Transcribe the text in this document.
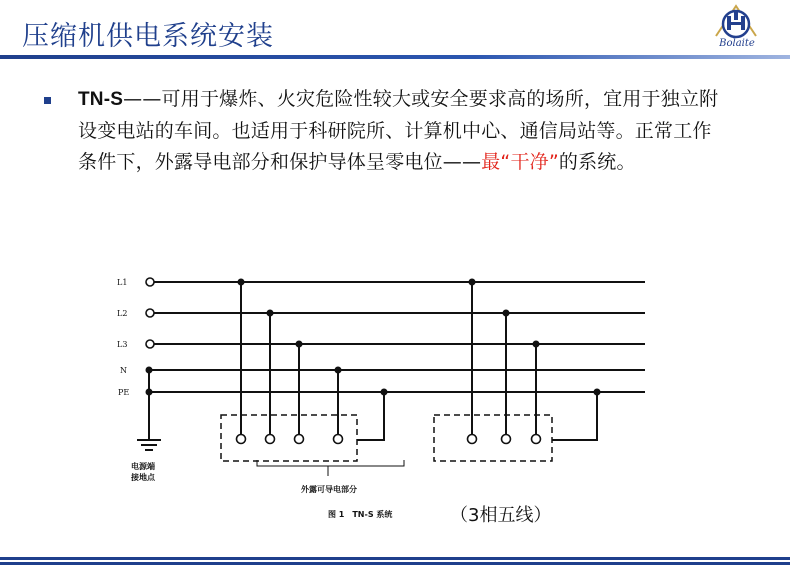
压缩机供电系统安装	Bolaite
TN-S——可用于爆炸、火灾危险性较大或安全要求高的场所，宜用于独立附设变电站的车间。也适用于科研院所、计算机中心、通信局站等。正常工作条件下，外露导电部分和保护导体呈零电位——最“干净”的系统。
L1
L2
L3
N
PE
电源端
接地点
外露可导电部分
图 1　TN-S 系统	（3相五线）
